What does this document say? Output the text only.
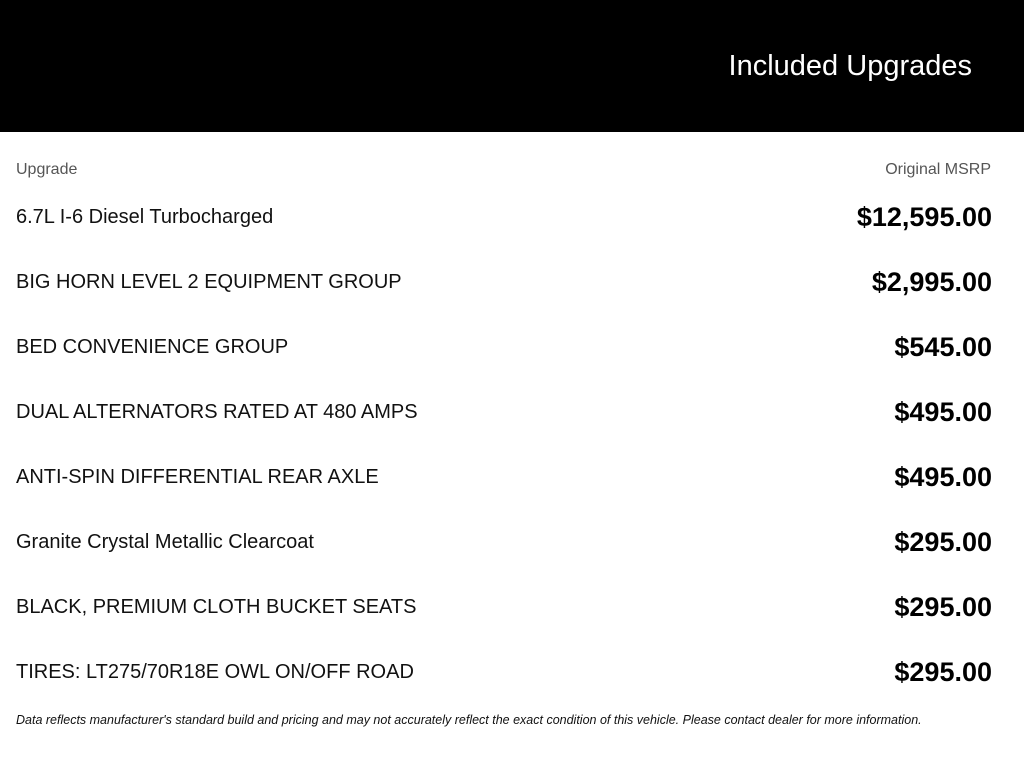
Included Upgrades
Upgrade	Original MSRP
6.7L I-6 Diesel Turbocharged	$12,595.00
BIG HORN LEVEL 2 EQUIPMENT GROUP	$2,995.00
BED CONVENIENCE GROUP	$545.00
DUAL ALTERNATORS RATED AT 480 AMPS	$495.00
ANTI-SPIN DIFFERENTIAL REAR AXLE	$495.00
Granite Crystal Metallic Clearcoat	$295.00
BLACK, PREMIUM CLOTH BUCKET SEATS	$295.00
TIRES: LT275/70R18E OWL ON/OFF ROAD	$295.00
Data reflects manufacturer's standard build and pricing and may not accurately reflect the exact condition of this vehicle. Please contact dealer for more information.
